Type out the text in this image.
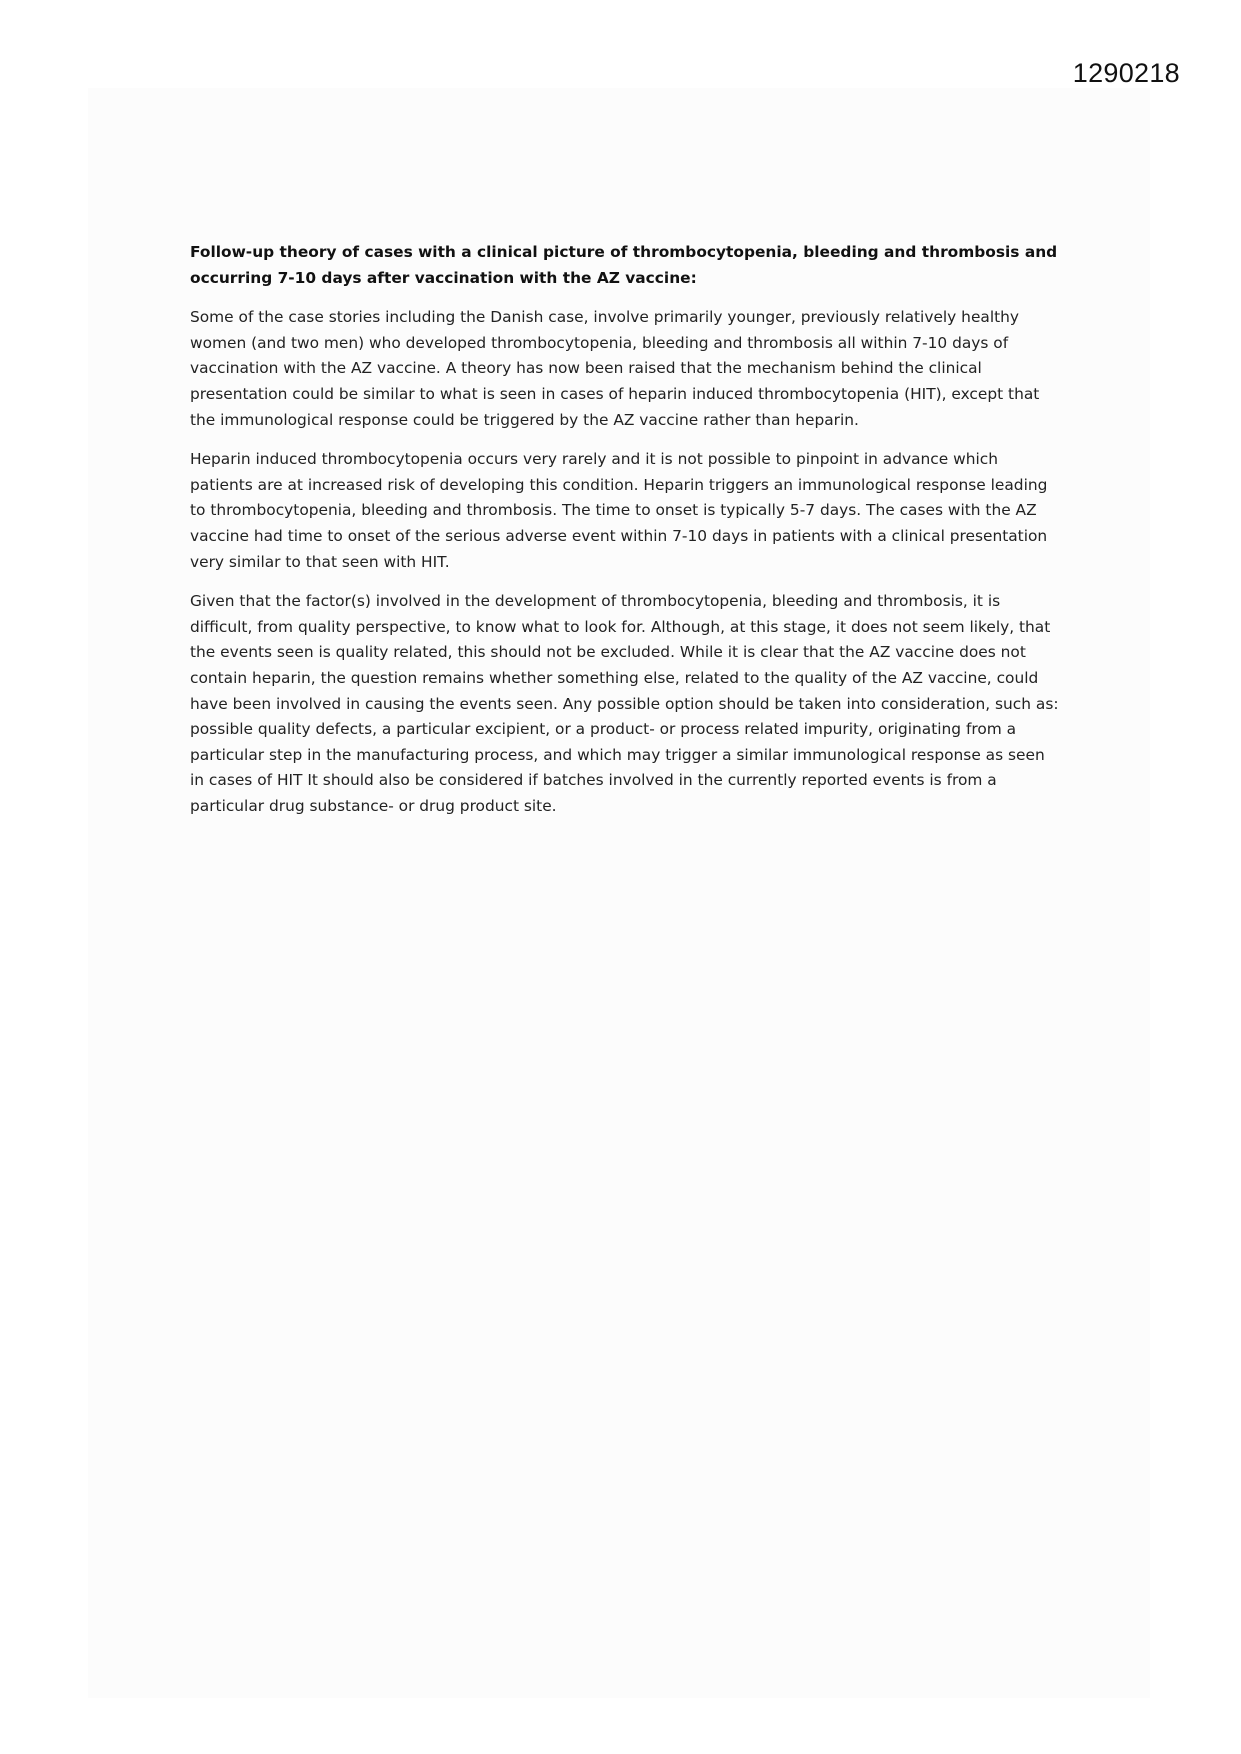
1290218

Follow-up theory of cases with a clinical picture of thrombocytopenia, bleeding and thrombosis and occurring 7-10 days after vaccination with the AZ vaccine:

Some of the case stories including the Danish case, involve primarily younger, previously relatively healthy women (and two men) who developed thrombocytopenia, bleeding and thrombosis all within 7-10 days of vaccination with the AZ vaccine. A theory has now been raised that the mechanism behind the clinical presentation could be similar to what is seen in cases of heparin induced thrombocytopenia (HIT), except that the immunological response could be triggered by the AZ vaccine rather than heparin.

Heparin induced thrombocytopenia occurs very rarely and it is not possible to pinpoint in advance which patients are at increased risk of developing this condition. Heparin triggers an immunological response leading to thrombocytopenia, bleeding and thrombosis. The time to onset is typically 5-7 days. The cases with the AZ vaccine had time to onset of the serious adverse event within 7-10 days in patients with a clinical presentation very similar to that seen with HIT.

Given that the factor(s) involved in the development of thrombocytopenia, bleeding and thrombosis, it is difficult, from quality perspective, to know what to look for. Although, at this stage, it does not seem likely, that the events seen is quality related, this should not be excluded. While it is clear that the AZ vaccine does not contain heparin, the question remains whether something else, related to the quality of the AZ vaccine, could have been involved in causing the events seen. Any possible option should be taken into consideration, such as: possible quality defects, a particular excipient, or a product- or process related impurity, originating from a particular step in the manufacturing process, and which may trigger a similar immunological response as seen in cases of HIT It should also be considered if batches involved in the currently reported events is from a particular drug substance- or drug product site.
